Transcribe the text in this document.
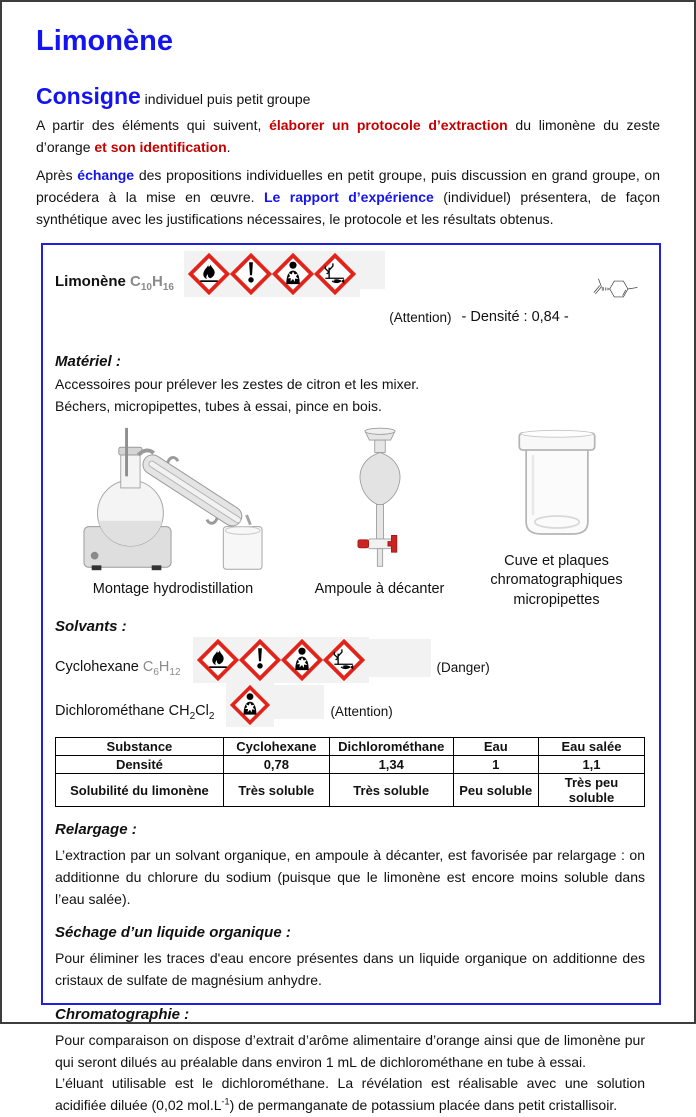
Limonène
Consigne individuel puis petit groupe

A partir des éléments qui suivent, élaborer un protocole d’extraction du limonène du zeste d’orange et son identification.

Après échange des propositions individuelles en petit groupe, puis discussion en grand groupe, on procédera à la mise en œuvre. Le rapport d’expérience (individuel) présentera, de façon synthétique avec les justifications nécessaires, le protocole et les résultats obtenus.

Limonène $C_{10}H_{16}$
(Attention) - Densité : 0,84 -
Matériel :
Accessoires pour prélever les zestes de citron et les mixer.
Béchers, micropipettes, tubes à essai, pince en bois.
Montage hydrodistillation	Ampoule à décanter
Cuve et plaques
chromatographiques
micropipettes
Solvants :
Cyclohexane $C_6H_{12}$	(Danger)
Dichlorométhane $CH_2Cl_2$	(Attention)
Substance	Cyclohexane	Dichlorométhane	Eau	Eau salée
Densité	0,78	1,34	1	1,1
Solubilité du limonène	Très soluble	Très soluble	Peu soluble	Très peu soluble
Relargage :

L’extraction par un solvant organique, en ampoule à décanter, est favorisée par relargage : on additionne du chlorure du sodium (puisque que le limonène est encore moins soluble dans l’eau salée).

Séchage d’un liquide organique :

Pour éliminer les traces d'eau encore présentes dans un liquide organique on additionne des cristaux de sulfate de magnésium anhydre.

Chromatographie :

Pour comparaison on dispose d’extrait d’arôme alimentaire d’orange ainsi que de limonène pur qui seront dilués au préalable dans environ 1 mL de dichlorométhane en tube à essai.

L’éluant utilisable est le dichlorométhane. La révélation est réalisable avec une solution acidifiée diluée (0,02 $mol.L^{-1}$) de permanganate de potassium placée dans petit cristallisoir.
